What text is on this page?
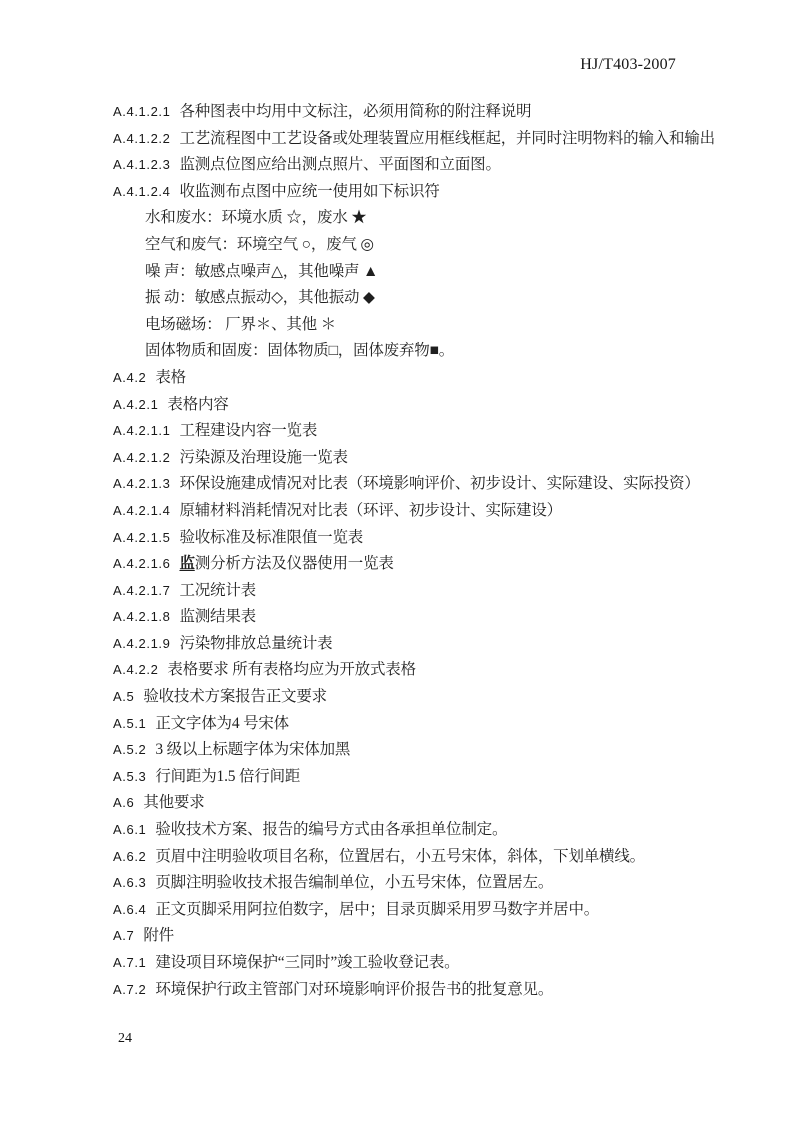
HJ/T403-2007
A.4.1.2.1 各种图表中均用中文标注，必须用简称的附注释说明
A.4.1.2.2 工艺流程图中工艺设备或处理装置应用框线框起，并同时注明物料的输入和输出
A.4.1.2.3 监测点位图应给出测点照片、平面图和立面图。
A.4.1.2.4 收监测布点图中应统一使用如下标识符
水和废水：环境水质 ☆，废水 ★
空气和废气：环境空气 ○，废气 ◎
噪 声：敏感点噪声△，其他噪声 ▲
振 动：敏感点振动◇，其他振动 ◆
电场磁场： 厂界＊、其他 ＊
固体物质和固废：固体物质□，固体废弃物■。
A.4.2 表格
A.4.2.1 表格内容
A.4.2.1.1 工程建设内容一览表
A.4.2.1.2 污染源及治理设施一览表
A.4.2.1.3 环保设施建成情况对比表（环境影响评价、初步设计、实际建设、实际投资）
A.4.2.1.4 原辅材料消耗情况对比表（环评、初步设计、实际建设）
A.4.2.1.5 验收标准及标准限值一览表
A.4.2.1.6 监测分析方法及仪器使用一览表
A.4.2.1.7 工况统计表
A.4.2.1.8 监测结果表
A.4.2.1.9 污染物排放总量统计表
A.4.2.2 表格要求 所有表格均应为开放式表格
A.5 验收技术方案报告正文要求
A.5.1 正文字体为4 号宋体
A.5.2 3 级以上标题字体为宋体加黑
A.5.3 行间距为1.5 倍行间距
A.6 其他要求
A.6.1 验收技术方案、报告的编号方式由各承担单位制定。
A.6.2 页眉中注明验收项目名称，位置居右，小五号宋体，斜体，下划单横线。
A.6.3 页脚注明验收技术报告编制单位，小五号宋体，位置居左。
A.6.4 正文页脚采用阿拉伯数字，居中；目录页脚采用罗马数字并居中。
A.7 附件
A.7.1 建设项目环境保护“三同时”竣工验收登记表。
A.7.2 环境保护行政主管部门对环境影响评价报告书的批复意见。
24
